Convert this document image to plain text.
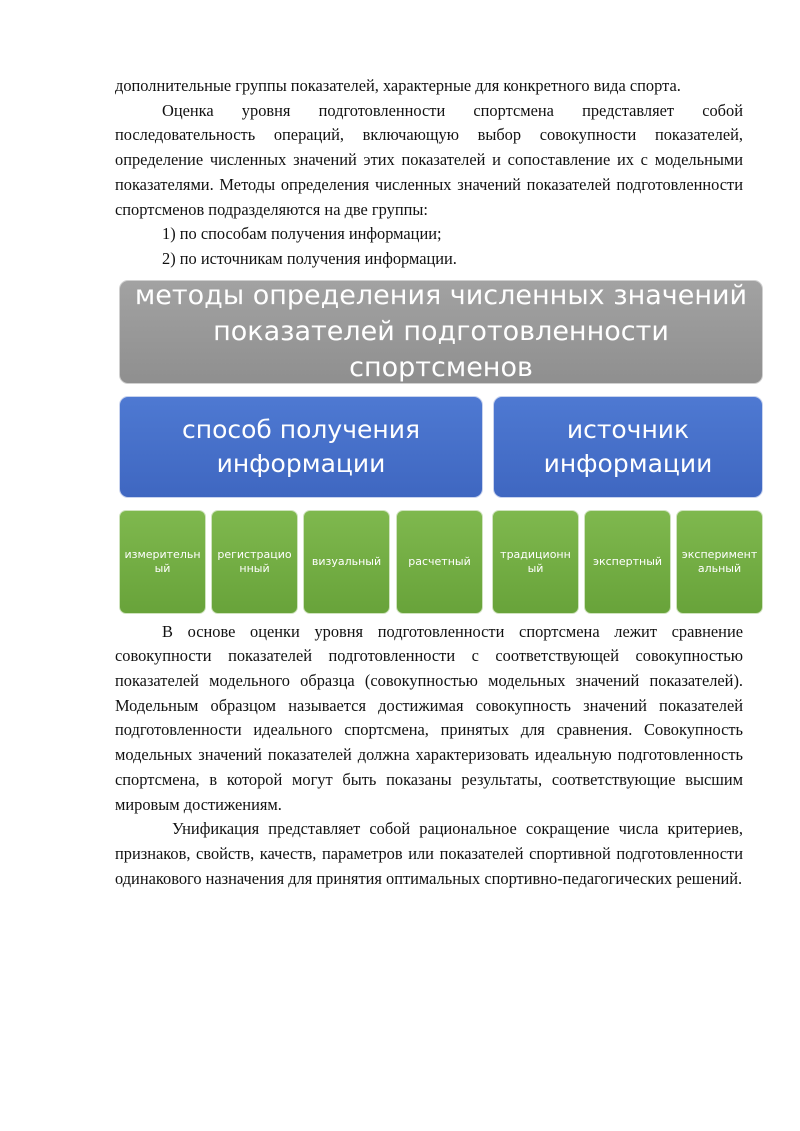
дополнительные группы показателей, характерные для конкретного вида спорта.

Оценка уровня подготовленности спортсмена представляет собой последовательность операций, включающую выбор совокупности показателей, определение численных значений этих показателей и сопоставление их с модельными показателями. Методы определения численных значений показателей подготовленности спортсменов подразделяются на две группы:

1) по способам получения информации;

2) по источникам получения информации.

методы определения численных значений показателей подготовленности спортсменов
способ получения информации
источник информации
измерительный
регистрационный
визуальный	расчетный
традиционный
экспертный
экспериментальный

В основе оценки уровня подготовленности спортсмена лежит сравнение совокупности показателей подготовленности с соответствующей совокупностью показателей модельного образца (совокупностью модельных значений показателей). Модельным образцом называется достижимая совокупность значений показателей подготовленности идеального спортсмена, принятых для сравнения. Совокупность модельных значений показателей должна характеризовать идеальную подготовленность спортсмена, в которой могут быть показаны результаты, соответствующие высшим мировым достижениям.

Унификация представляет собой рациональное сокращение числа критериев, признаков, свойств, качеств, параметров или показателей спортивной подготовленности одинакового назначения для принятия оптимальных спортивно-педагогических решений.
